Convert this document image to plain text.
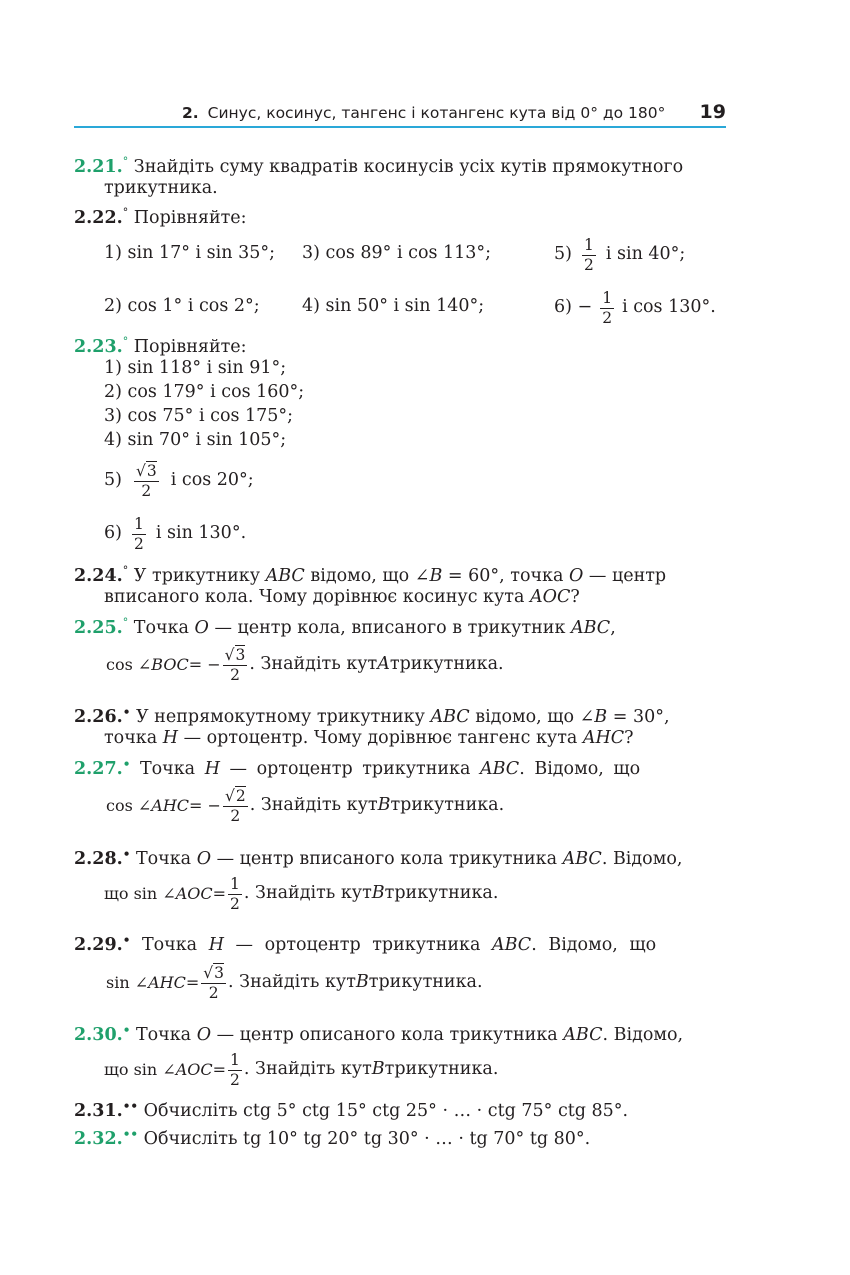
2. Синус, косинус, тангенс і котангенс кута від 0° до 180° 19
2.21.° Знайдіть суму квадратів косинусів усіх кутів прямокутного
трикутника.
2.22.° Порівняйте:
1) sin 17° і sin 35°; 3) cos 89° і cos 113°;	$5) \frac{1}{2}$ і sin 40°;
2) cos 1° і cos 2°; 4) sin 50° і sin 140°;	$6) - \frac{1}{2}$ і cos 130°.
2.23.° Порівняйте:
1) sin 118° і sin 91°;
2) cos 179° і cos 160°;
3) cos 75° і cos 175°;
4) sin 70° і sin 105°;
$5) \frac{√3}{2}$ і cos 20°;
$6) \frac{1}{2}$ і sin 130°.
2.24.° У трикутнику ABC відомо, що ∠B = 60°, точка O — центр
вписаного кола. Чому дорівнює косинус кута AOC?
2.25.° Точка O — центр кола, вписаного в трикутник ABC,
cos ∠ BOC = − $\frac{√3}{2}$ . Знайдіть кут A трикутника.
2.26.• У непрямокутному трикутнику ABC відомо, що ∠B = 30°,
точка H — ортоцентр. Чому дорівнює тангенс кута AHC?
2.27.• Точка H — ортоцентр трикутника ABC. Відомо, що
cos ∠ AHC = − $\frac{√2}{2}$ . Знайдіть кут B трикутника.
2.28.• Точка O — центр вписаного кола трикутника ABC. Відомо,
що sin ∠ AOC = $\frac{1}{2}$ . Знайдіть кут B трикутника.
2.29.• Точка H — ортоцентр трикутника ABC. Відомо, що
sin ∠ AHC = $\frac{√3}{2}$ . Знайдіть кут B трикутника.
2.30.• Точка O — центр описаного кола трикутника ABC. Відомо,
що sin ∠ AOC = $\frac{1}{2}$ . Знайдіть кут B трикутника.
2.31.•• Обчисліть ctg 5° ctg 15° ctg 25° · … · ctg 75° ctg 85°.
2.32.•• Обчисліть tg 10° tg 20° tg 30° · … · tg 70° tg 80°.
